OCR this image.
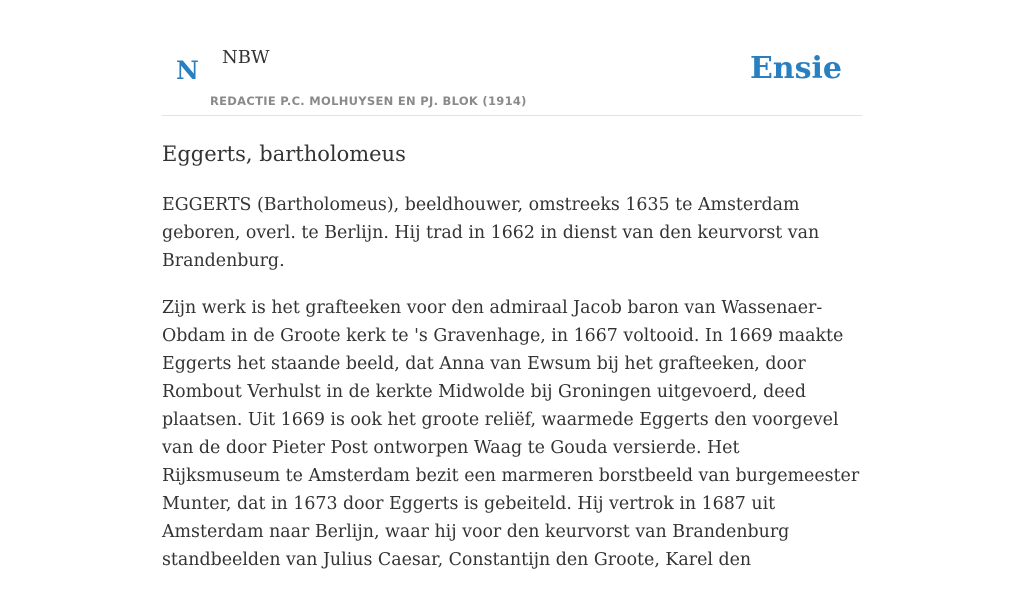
N NBW
REDACTIE P.C. MOLHUYSEN EN PJ. BLOK (1914)
Ensie
Eggerts, bartholomeus

EGGERTS (Bartholomeus), beeldhouwer, omstreeks 1635 te Amsterdam geboren, overl. te Berlijn. Hij trad in 1662 in dienst van den keurvorst van Brandenburg.

Zijn werk is het grafteeken voor den admiraal Jacob baron van Wassenaer-Obdam in de Groote kerk te 's Gravenhage, in 1667 voltooid. In 1669 maakte Eggerts het staande beeld, dat Anna van Ewsum bij het grafteeken, door Rombout Verhulst in de kerkte Midwolde bij Groningen uitgevoerd, deed plaatsen. Uit 1669 is ook het groote reliëf, waarmede Eggerts den voorgevel van de door Pieter Post ontworpen Waag te Gouda versierde. Het Rijksmuseum te Amsterdam bezit een marmeren borstbeeld van burgemeester Munter, dat in 1673 door Eggerts is gebeiteld. Hij vertrok in 1687 uit Amsterdam naar Berlijn, waar hij voor den keurvorst van Brandenburg standbeelden van Julius Caesar, Constantijn den Groote, Karel den
